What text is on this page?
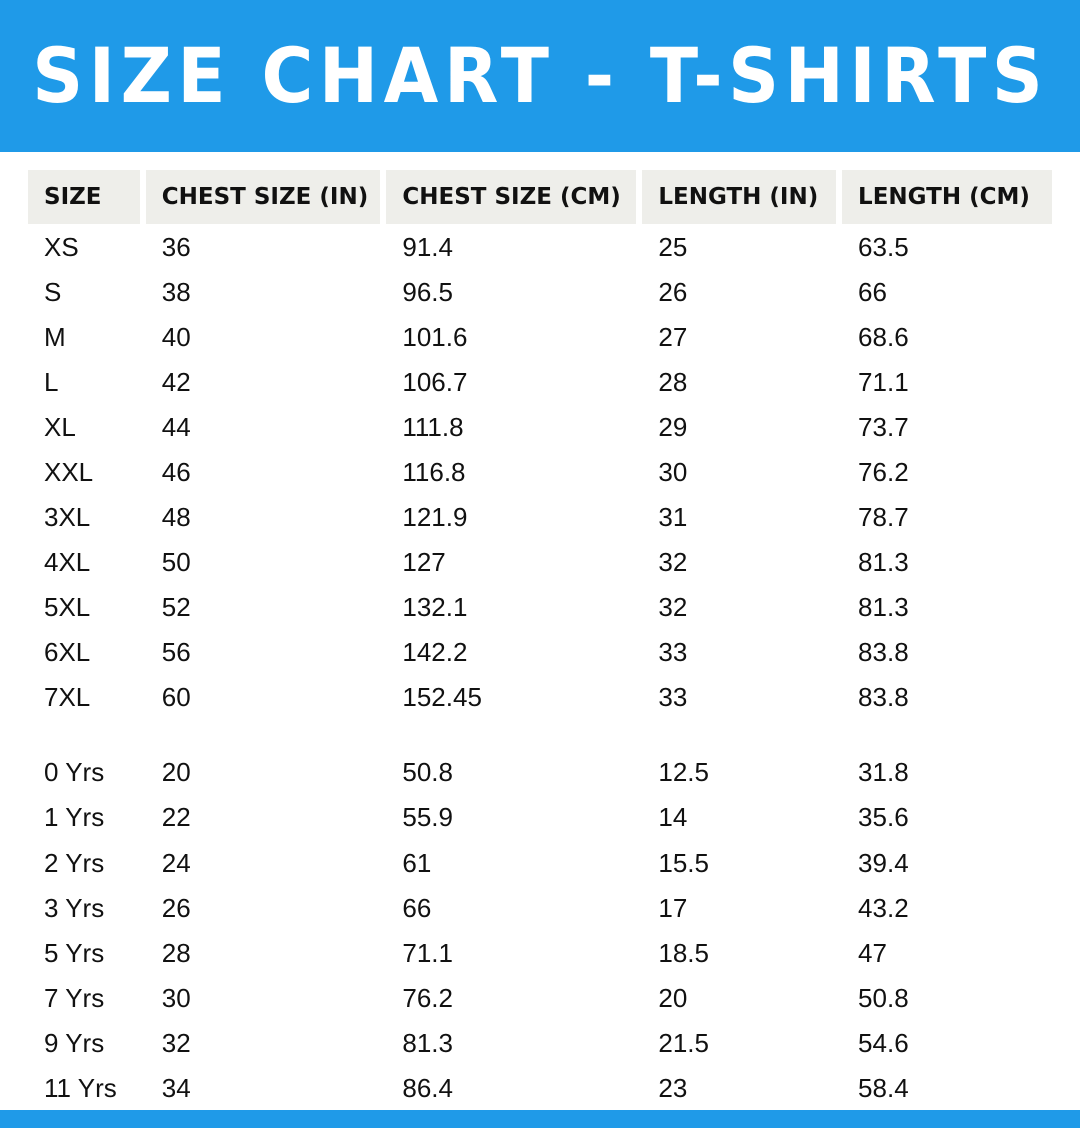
SIZE CHART - T-SHIRTS
SIZE	CHEST SIZE (IN)	CHEST SIZE (CM)	LENGTH (IN)	LENGTH (CM)
XS	36	91.4	25	63.5
S	38	96.5	26	66
M	40	101.6	27	68.6
L	42	106.7	28	71.1
XL	44	111.8	29	73.7
XXL	46	116.8	30	76.2
3XL	48	121.9	31	78.7
4XL	50	127	32	81.3
5XL	52	132.1	32	81.3
6XL	56	142.2	33	83.8
7XL	60	152.45	33	83.8

0 Yrs	20	50.8	12.5	31.8
1 Yrs	22	55.9	14	35.6
2 Yrs	24	61	15.5	39.4
3 Yrs	26	66	17	43.2
5 Yrs	28	71.1	18.5	47
7 Yrs	30	76.2	20	50.8
9 Yrs	32	81.3	21.5	54.6
11 Yrs	34	86.4	23	58.4
